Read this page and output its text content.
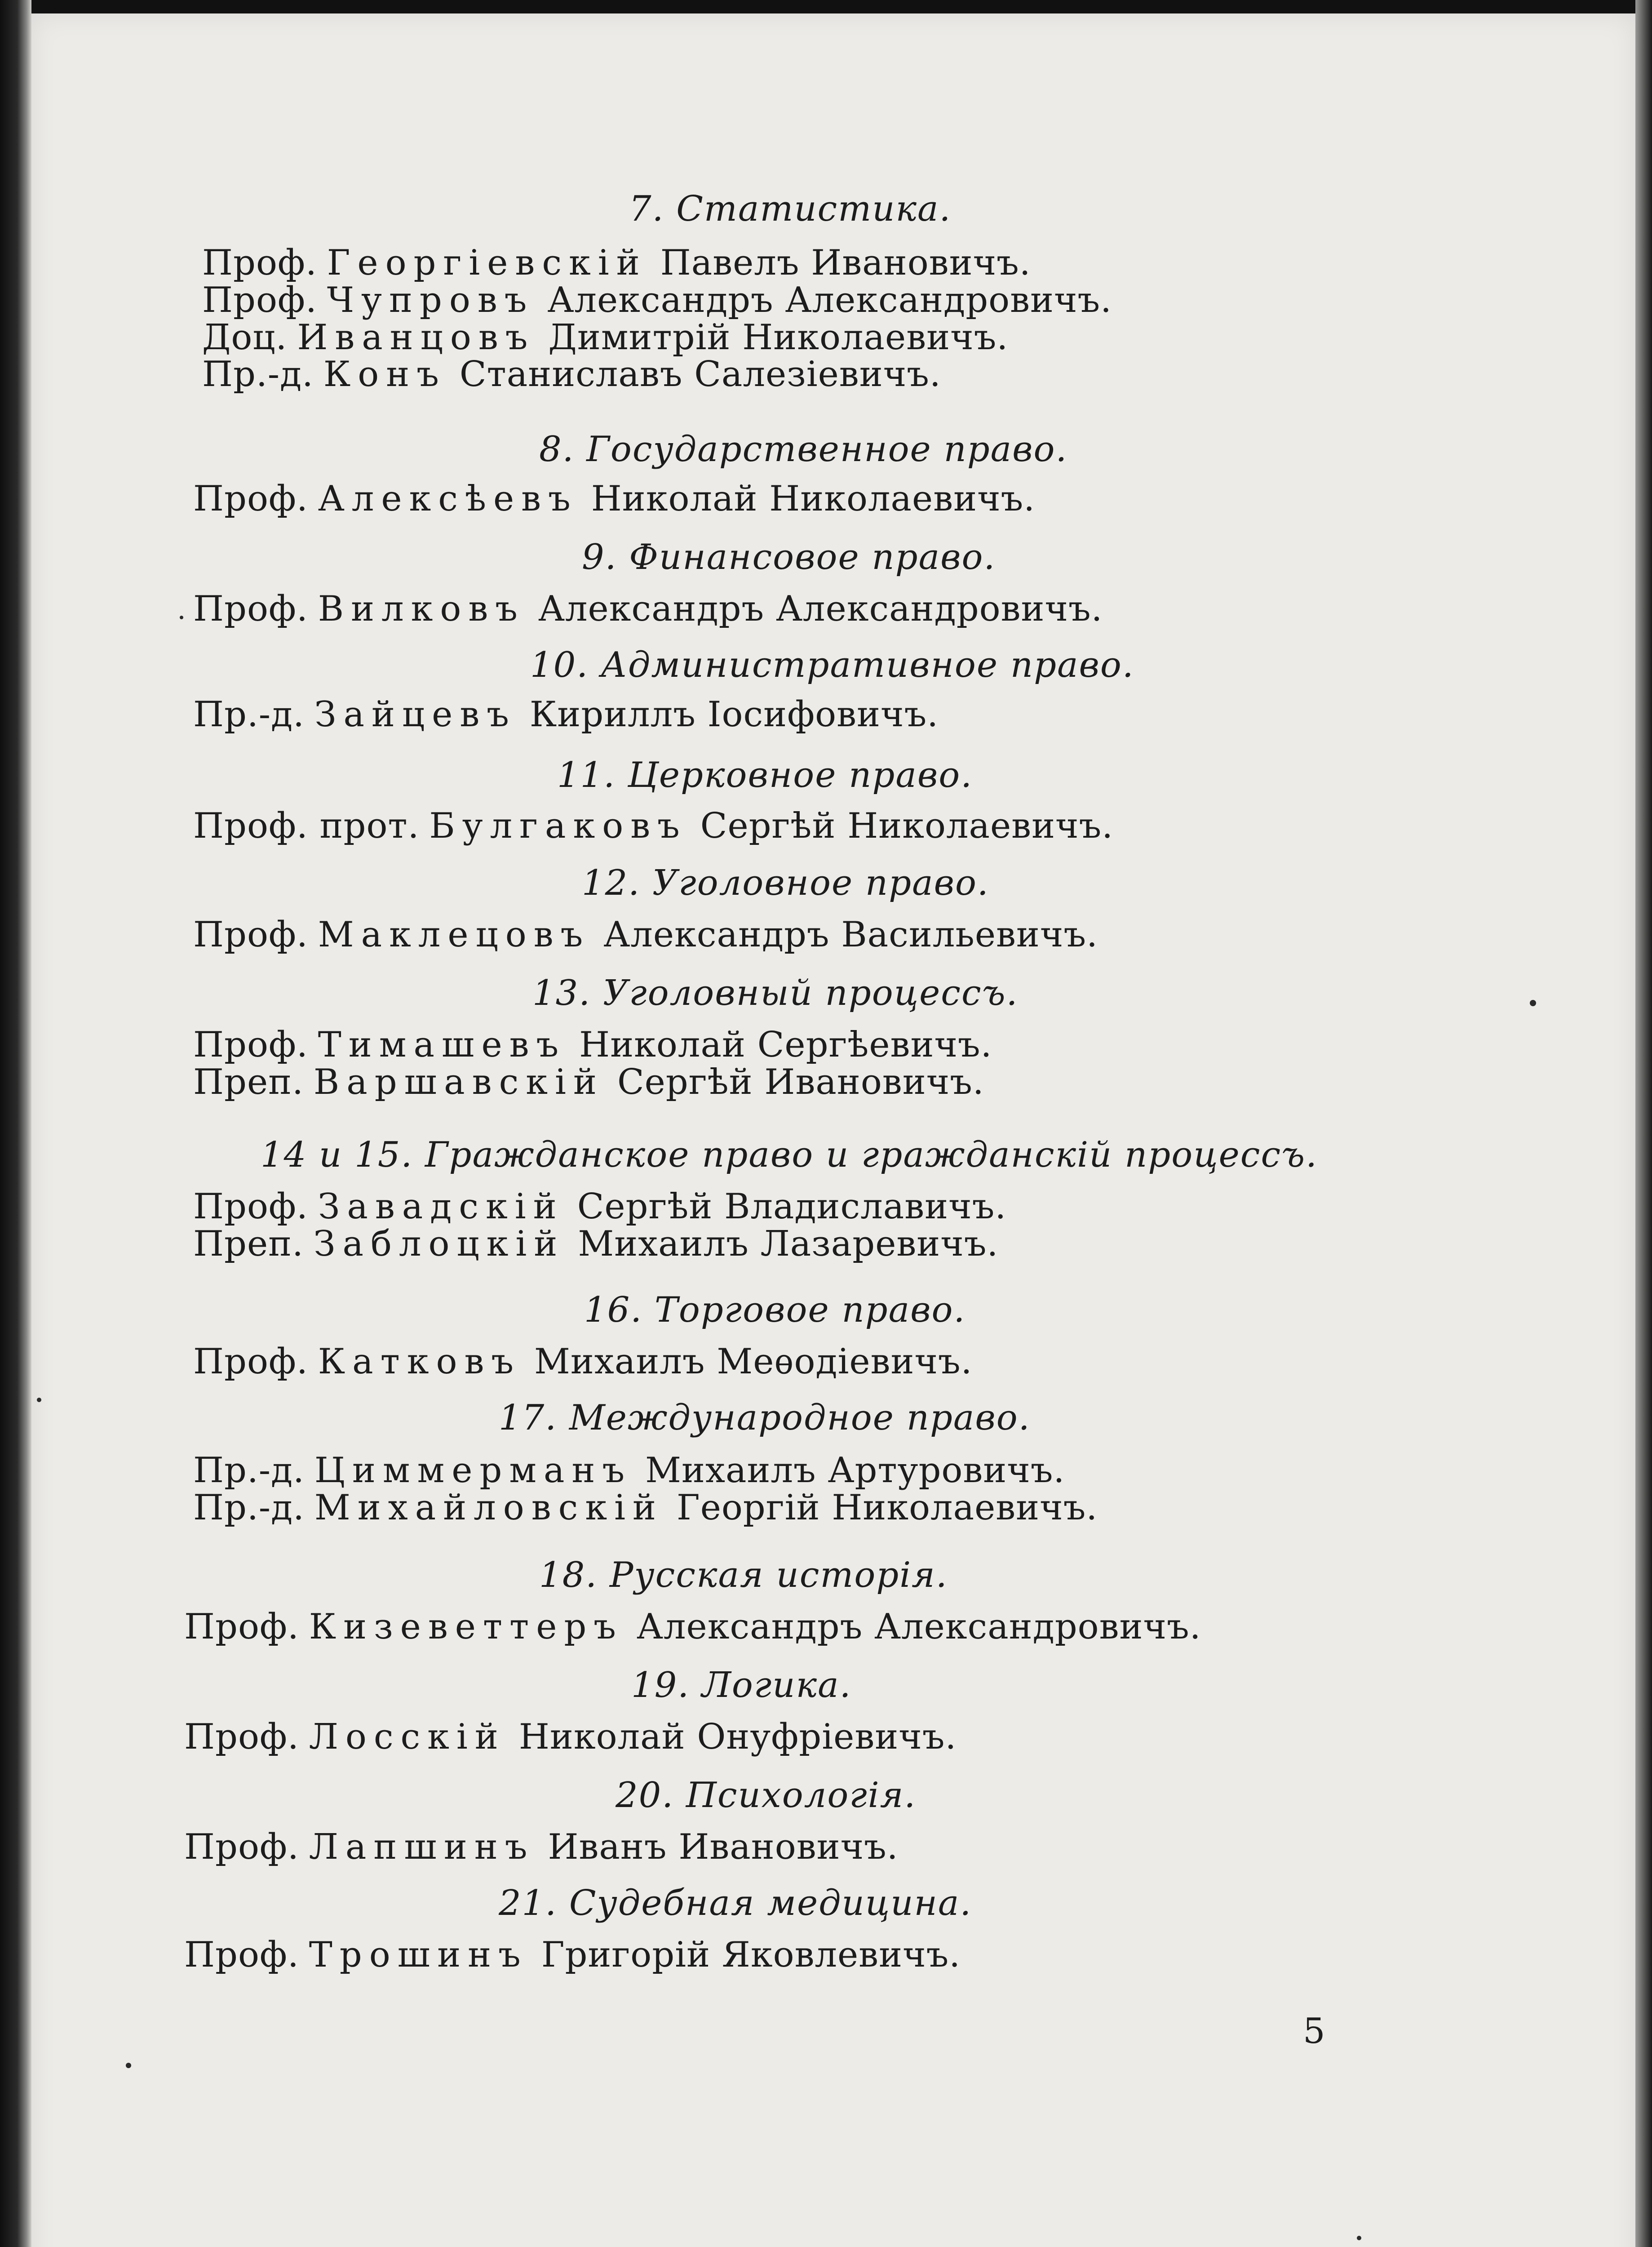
7. Статистика.
Проф. Георгіевскій Павелъ Ивановичъ.
Проф. Чупровъ Александръ Александровичъ.
Доц. Иванцовъ Димитрій Николаевичъ.
Пр.-д. Конъ Станиславъ Салезіевичъ.
8. Государственное право.
Проф. Алексѣевъ Николай Николаевичъ.
9. Финансовое право.
Проф. Вилковъ Александръ Александровичъ.
10. Административное право.
Пр.-д. Зайцевъ Кириллъ Іосифовичъ.
11. Церковное право.
Проф. прот. Булгаковъ Сергѣй Николаевичъ.
12. Уголовное право.
Проф. Маклецовъ Александръ Васильевичъ.
13. Уголовный процессъ.
Проф. Тимашевъ Николай Сергѣевичъ.
Преп. Варшавскій Сергѣй Ивановичъ.
14 и 15. Гражданское право и гражданскій процессъ.
Проф. Завадскій Сергѣй Владиславичъ.
Преп. Заблоцкій Михаилъ Лазаревичъ.
16. Торговое право.
Проф. Катковъ Михаилъ Меѳодіевичъ.
17. Международное право.
Пр.-д. Циммерманъ Михаилъ Артуровичъ.
Пр.-д. Михайловскій Георгій Николаевичъ.
18. Русская исторія.
Проф. Кизеветтеръ Александръ Александровичъ.
19. Логика.
Проф. Лосскій Николай Онуфріевичъ.
20. Психологія.
Проф. Лапшинъ Иванъ Ивановичъ.
21. Судебная медицина.
Проф. Трошинъ Григорій Яковлевичъ.
5
